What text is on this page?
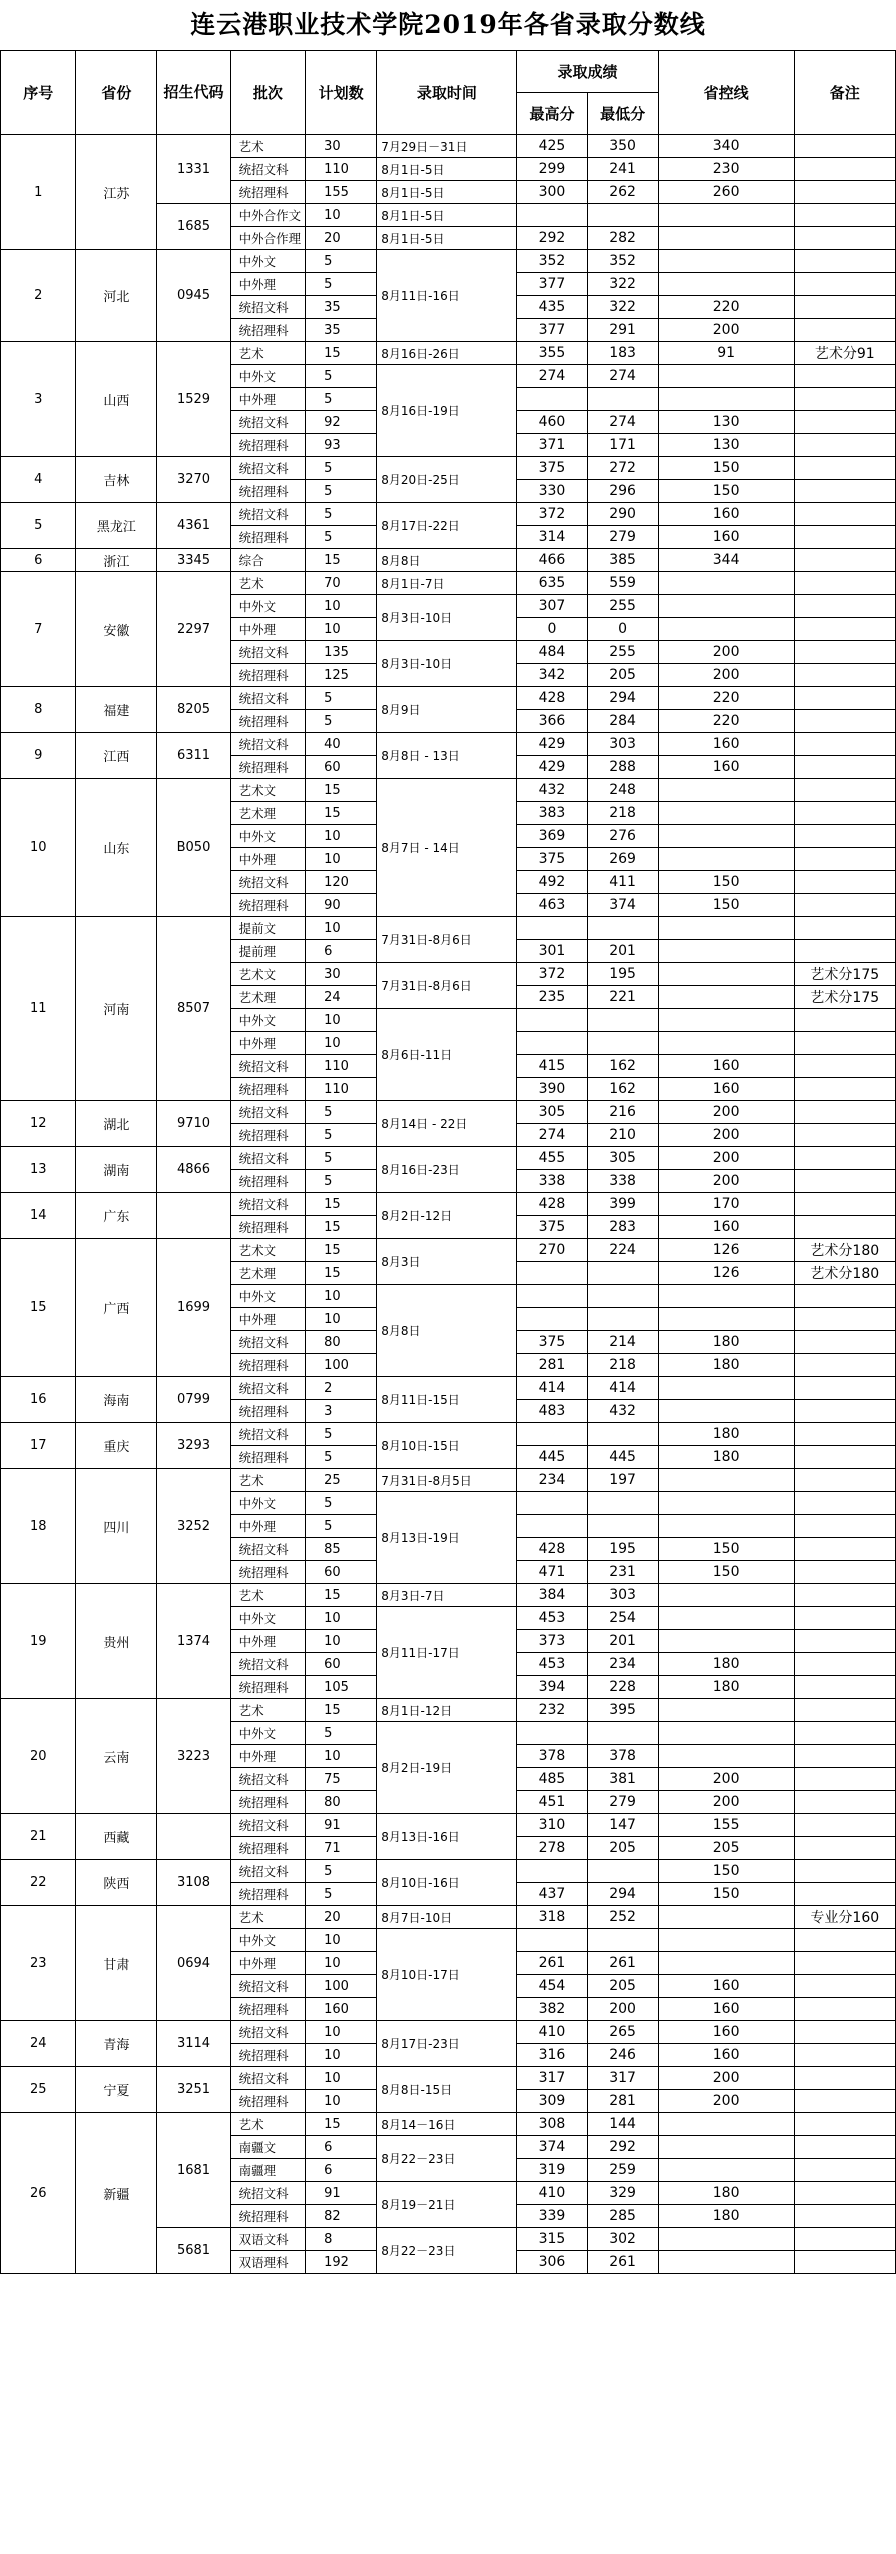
连云港职业技术学院2019年各省录取分数线
序号	省份	招生代码	批次	计划数	录取时间	录取成绩		省控线	备注
						最高分	最低分		
1	江苏	1331	艺术	30	7月29日－31日	425	350	340	
			统招文科	110	8月1日-5日	299	241	230	
			统招理科	155	8月1日-5日	300	262	260	
		1685	中外合作文	10	8月1日-5日				
			中外合作理	20	8月1日-5日	292	282		
2	河北	0945	中外文	5	8月11日-16日	352	352		
			中外理	5		377	322		
			统招文科	35		435	322	220	
			统招理科	35		377	291	200	
3	山西	1529	艺术	15	8月16日-26日	355	183	91	艺术分91
			中外文	5	8月16日-19日	274	274		
			中外理	5					
			统招文科	92		460	274	130	
			统招理科	93		371	171	130	
4	吉林	3270	统招文科	5	8月20日-25日	375	272	150	
			统招理科	5		330	296	150	
5	黑龙江	4361	统招文科	5	8月17日-22日	372	290	160	
			统招理科	5		314	279	160	
6	浙江	3345	综合	15	8月8日	466	385	344	
7	安徽	2297	艺术	70	8月1日-7日	635	559		
			中外文	10	8月3日-10日	307	255		
			中外理	10		0	0		
			统招文科	135	8月3日-10日	484	255	200	
			统招理科	125		342	205	200	
8	福建	8205	统招文科	5	8月9日	428	294	220	
			统招理科	5		366	284	220	
9	江西	6311	统招文科	40	8月8日 - 13日	429	303	160	
			统招理科	60		429	288	160	
10	山东	B050	艺术文	15	8月7日 - 14日	432	248		
			艺术理	15		383	218		
			中外文	10		369	276		
			中外理	10		375	269		
			统招文科	120		492	411	150	
			统招理科	90		463	374	150	
11	河南	8507	提前文	10	7月31日-8月6日				
			提前理	6		301	201		
			艺术文	30	7月31日-8月6日	372	195		艺术分175
			艺术理	24		235	221		艺术分175
			中外文	10	8月6日-11日				
			中外理	10					
			统招文科	110		415	162	160	
			统招理科	110		390	162	160	
12	湖北	9710	统招文科	5	8月14日 - 22日	305	216	200	
			统招理科	5		274	210	200	
13	湖南	4866	统招文科	5	8月16日-23日	455	305	200	
			统招理科	5		338	338	200	
14	广东		统招文科	15	8月2日-12日	428	399	170	
			统招理科	15		375	283	160	
15	广西	1699	艺术文	15	8月3日	270	224	126	艺术分180
			艺术理	15				126	艺术分180
			中外文	10	8月8日				
			中外理	10					
			统招文科	80		375	214	180	
			统招理科	100		281	218	180	
16	海南	0799	统招文科	2	8月11日-15日	414	414		
			统招理科	3		483	432		
17	重庆	3293	统招文科	5	8月10日-15日			180	
			统招理科	5		445	445	180	
18	四川	3252	艺术	25	7月31日-8月5日	234	197		
			中外文	5	8月13日-19日				
			中外理	5					
			统招文科	85		428	195	150	
			统招理科	60		471	231	150	
19	贵州	1374	艺术	15	8月3日-7日	384	303		
			中外文	10	8月11日-17日	453	254		
			中外理	10		373	201		
			统招文科	60		453	234	180	
			统招理科	105		394	228	180	
20	云南	3223	艺术	15	8月1日-12日	232	395		
			中外文	5	8月2日-19日				
			中外理	10		378	378		
			统招文科	75		485	381	200	
			统招理科	80		451	279	200	
21	西藏		统招文科	91	8月13日-16日	310	147	155	
			统招理科	71		278	205	205	
22	陕西	3108	统招文科	5	8月10日-16日			150	
			统招理科	5		437	294	150	
23	甘肃	0694	艺术	20	8月7日-10日	318	252		专业分160
			中外文	10	8月10日-17日				
			中外理	10		261	261		
			统招文科	100		454	205	160	
			统招理科	160		382	200	160	
24	青海	3114	统招文科	10	8月17日-23日	410	265	160	
			统招理科	10		316	246	160	
25	宁夏	3251	统招文科	10	8月8日-15日	317	317	200	
			统招理科	10		309	281	200	
26	新疆	1681	艺术	15	8月14－16日	308	144		
			南疆文	6	8月22－23日	374	292		
			南疆理	6		319	259		
			统招文科	91	8月19－21日	410	329	180	
			统招理科	82		339	285	180	
		5681	双语文科	8	8月22－23日	315	302		
			双语理科	192		306	261		
